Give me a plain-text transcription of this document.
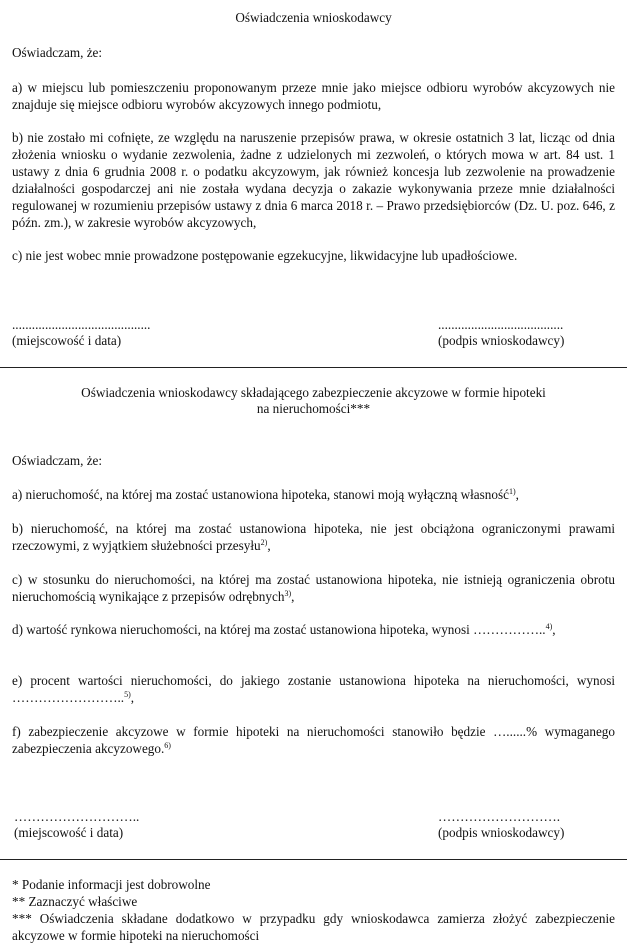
Oświadczenia wnioskodawcy
Oświadczam, że:
a) w miejscu lub pomieszczeniu proponowanym przeze mnie jako miejsce odbioru wyrobów akcyzowych nie znajduje się miejsce odbioru wyrobów akcyzowych innego podmiotu,
b) nie zostało mi cofnięte, ze względu na naruszenie przepisów prawa, w okresie ostatnich 3 lat, licząc od dnia złożenia wniosku o wydanie zezwolenia, żadne z udzielonych mi zezwoleń, o których mowa w art. 84 ust. 1 ustawy z dnia 6 grudnia 2008 r. o podatku akcyzowym, jak również koncesja lub zezwolenie na prowadzenie działalności gospodarczej ani nie została wydana decyzja o zakazie wykonywania przeze mnie działalności regulowanej w rozumieniu przepisów ustawy z dnia 6 marca 2018 r. – Prawo przedsiębiorców (Dz. U. poz. 646, z późn. zm.), w zakresie wyrobów akcyzowych,
c) nie jest wobec mnie prowadzone postępowanie egzekucyjne, likwidacyjne lub upadłościowe.
..........................................
(miejscowość i data)
......................................
(podpis wnioskodawcy)
Oświadczenia wnioskodawcy składającego zabezpieczenie akcyzowe w formie hipoteki
na nieruchomości***
Oświadczam, że:
a) nieruchomość, na której ma zostać ustanowiona hipoteka, stanowi moją wyłączną własność$^{1)}$,
b) nieruchomość, na której ma zostać ustanowiona hipoteka, nie jest obciążona ograniczonymi prawami rzeczowymi, z wyjątkiem służebności przesyłu$^{2)}$,
c) w stosunku do nieruchomości, na której ma zostać ustanowiona hipoteka, nie istnieją ograniczenia obrotu nieruchomością wynikające z przepisów odrębnych$^{3)}$,
d) wartość rynkowa nieruchomości, na której ma zostać ustanowiona hipoteka, wynosi ……………..$^{4)}$,
e) procent wartości nieruchomości, do jakiego zostanie ustanowiona hipoteka na nieruchomości, wynosi ……………………..$^{5)}$,
f) zabezpieczenie akcyzowe w formie hipoteki na nieruchomości stanowiło będzie …......% wymaganego zabezpieczenia akcyzowego.$^{6)}$
………………………..
(miejscowość i data)
……………………….
(podpis wnioskodawcy)
* Podanie informacji jest dobrowolne
** Zaznaczyć właściwe
*** Oświadczenia składane dodatkowo w przypadku gdy wnioskodawca zamierza złożyć zabezpieczenie akcyzowe w formie hipoteki na nieruchomości
